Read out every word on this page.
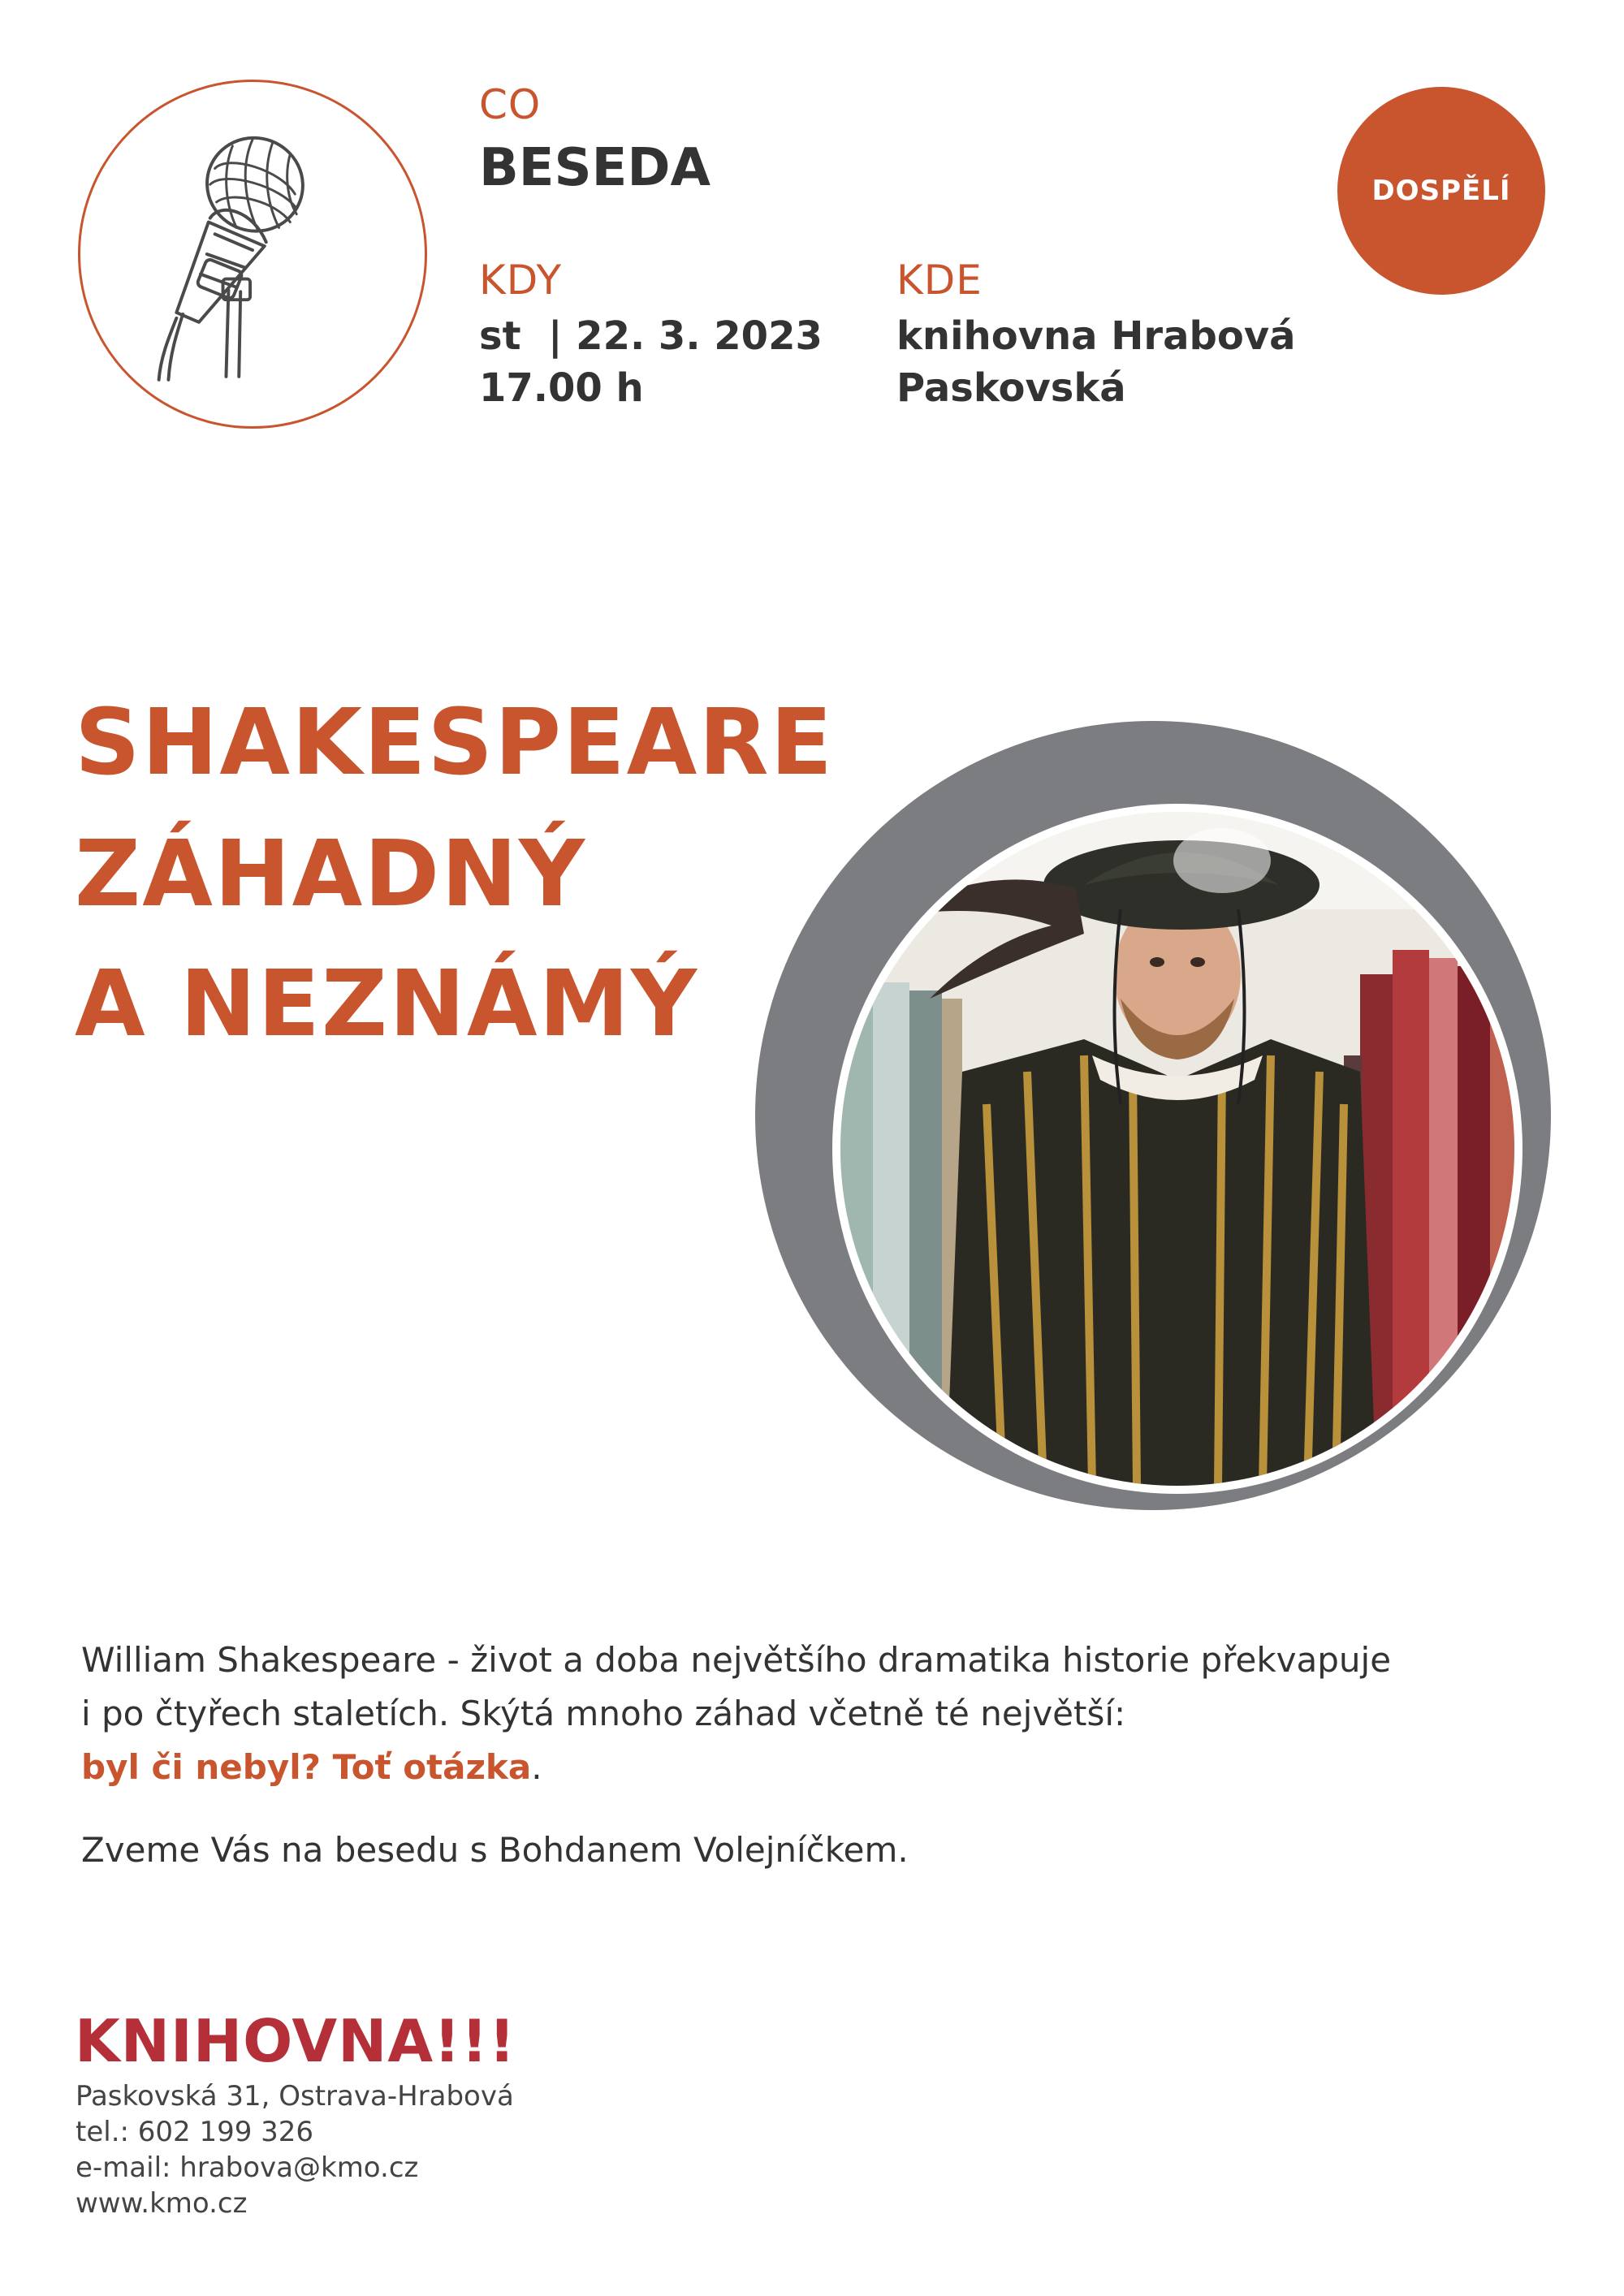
CO
BESEDA
KDY
st  | 22. 3. 2023
17.00 h
KDE
knihovna Hrabová
Paskovská
DOSPĚLÍ
SHAKESPEARE
ZÁHADNÝ
A NEZNÁMÝ
William Shakespeare - život a doba největšího dramatika historie překvapuje
i po čtyřech staletích. Skýtá mnoho záhad včetně té největší:
byl či nebyl? Toť otázka.
Zveme Vás na besedu s Bohdanem Volejníčkem.
KNIHOVNA!!!
Paskovská 31, Ostrava-Hrabová
tel.: 602 199 326
e-mail: hrabova@kmo.cz
www.kmo.cz
